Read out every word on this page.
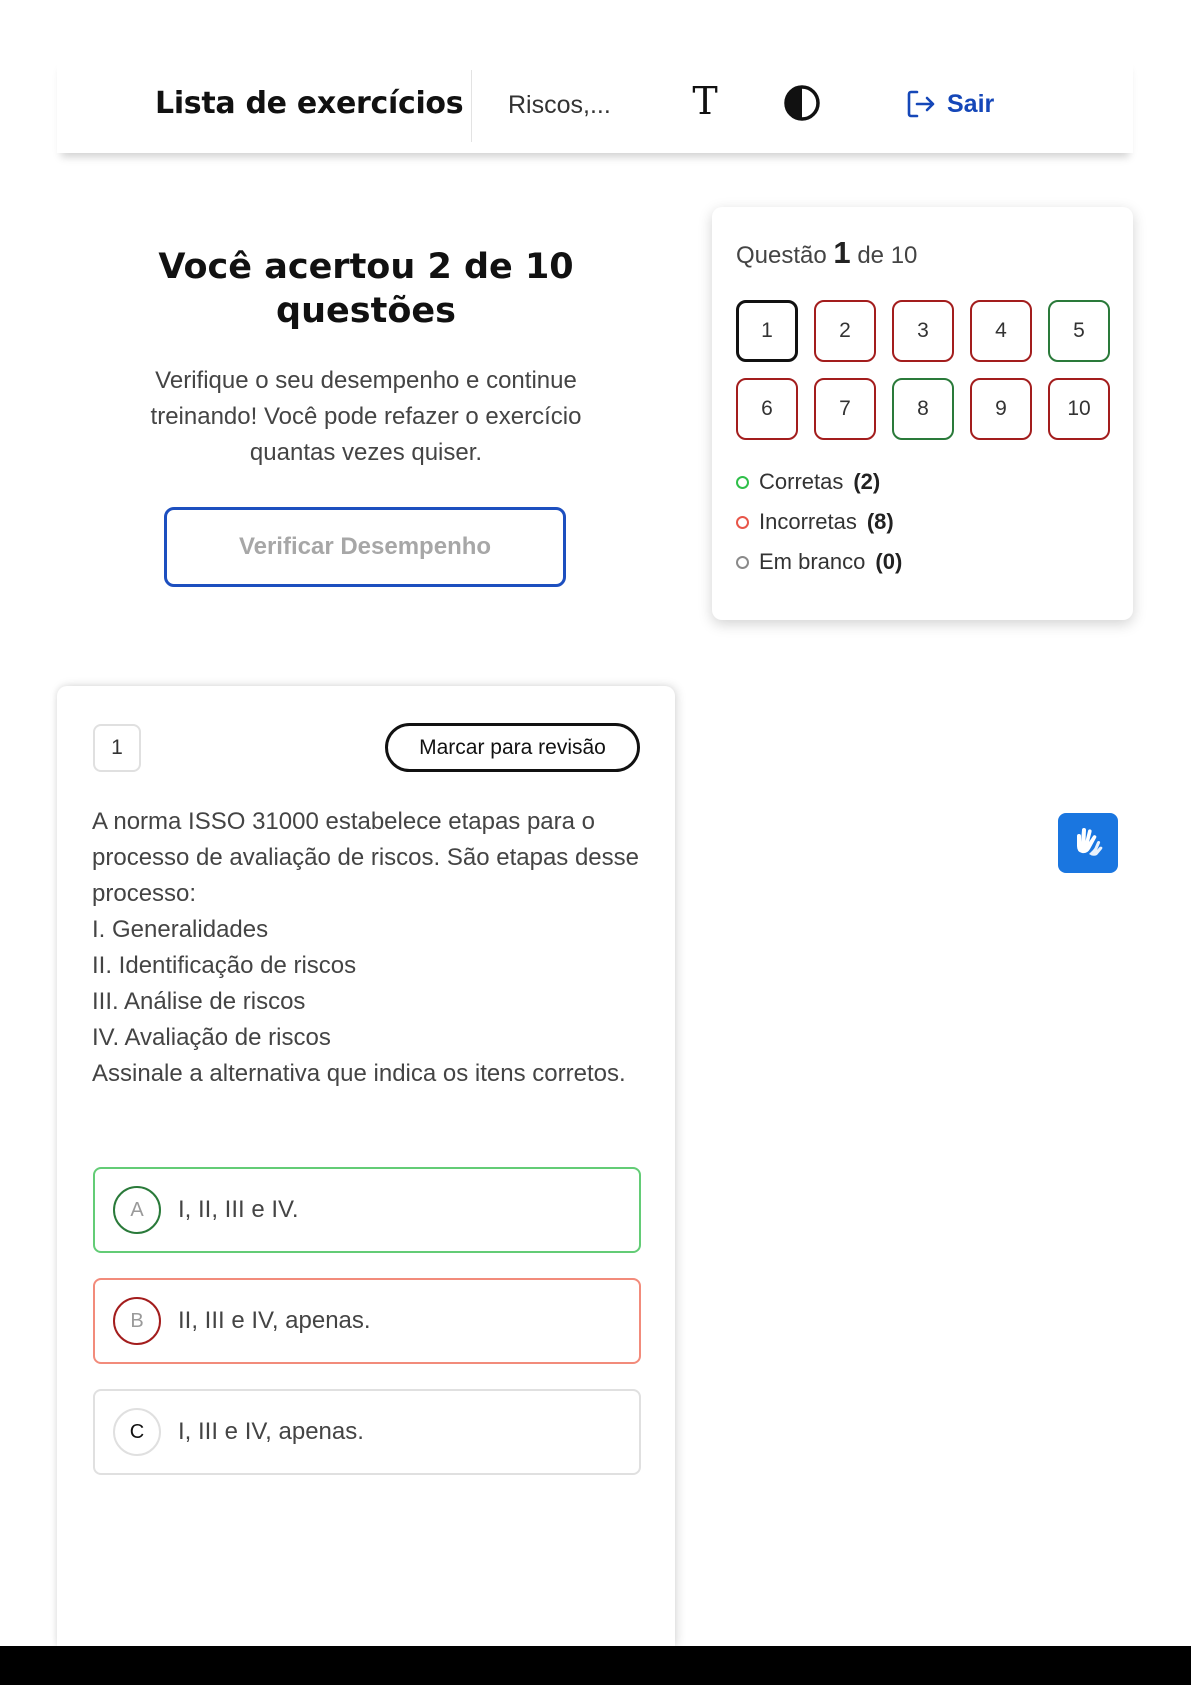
Lista de exercícios Riscos,... T	Sair
Você acertou 2 de 10 questões
Verifique o seu desempenho e continue treinando! Você pode refazer o exercício quantas vezes quiser.
Verificar Desempenho
Questão 1 de 10
1	2	3	4	5
6	7	8	9	10
Corretas (2)
Incorretas (8)
Em branco (0)
1	Marcar para revisão
A norma ISSO 31000 estabelece etapas para o processo de avaliação de riscos. São etapas desse processo:
I. Generalidades
II. Identificação de riscos
III. Análise de riscos
IV. Avaliação de riscos
Assinale a alternativa que indica os itens corretos.
A	I, II, III e IV.
B	II, III e IV, apenas.
C	I, III e IV, apenas.
